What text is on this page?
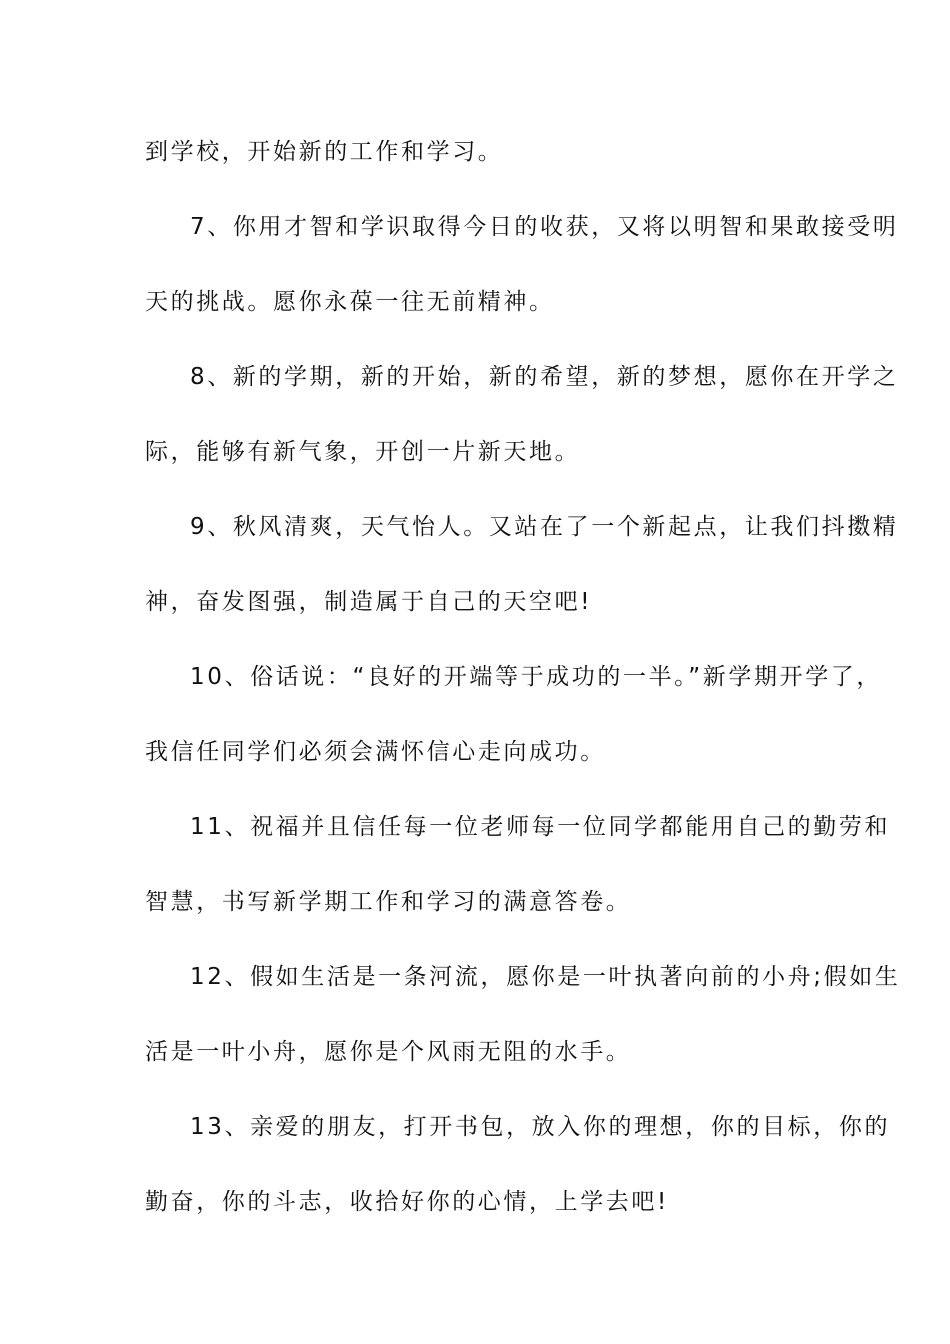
到学校，开始新的工作和学习。
7、你用才智和学识取得今日的收获，又将以明智和果敢接受明
天的挑战。愿你永葆一往无前精神。
8、新的学期，新的开始，新的希望，新的梦想，愿你在开学之
际，能够有新气象，开创一片新天地。
9、秋风清爽，天气怡人。又站在了一个新起点，让我们抖擞精
神，奋发图强，制造属于自己的天空吧!
10、俗话说：“良好的开端等于成功的一半。”新学期开学了，
我信任同学们必须会满怀信心走向成功。
11、祝福并且信任每一位老师每一位同学都能用自己的勤劳和
智慧，书写新学期工作和学习的满意答卷。
12、假如生活是一条河流，愿你是一叶执著向前的小舟;假如生
活是一叶小舟，愿你是个风雨无阻的水手。
13、亲爱的朋友，打开书包，放入你的理想，你的目标，你的
勤奋，你的斗志，收拾好你的心情，上学去吧!
